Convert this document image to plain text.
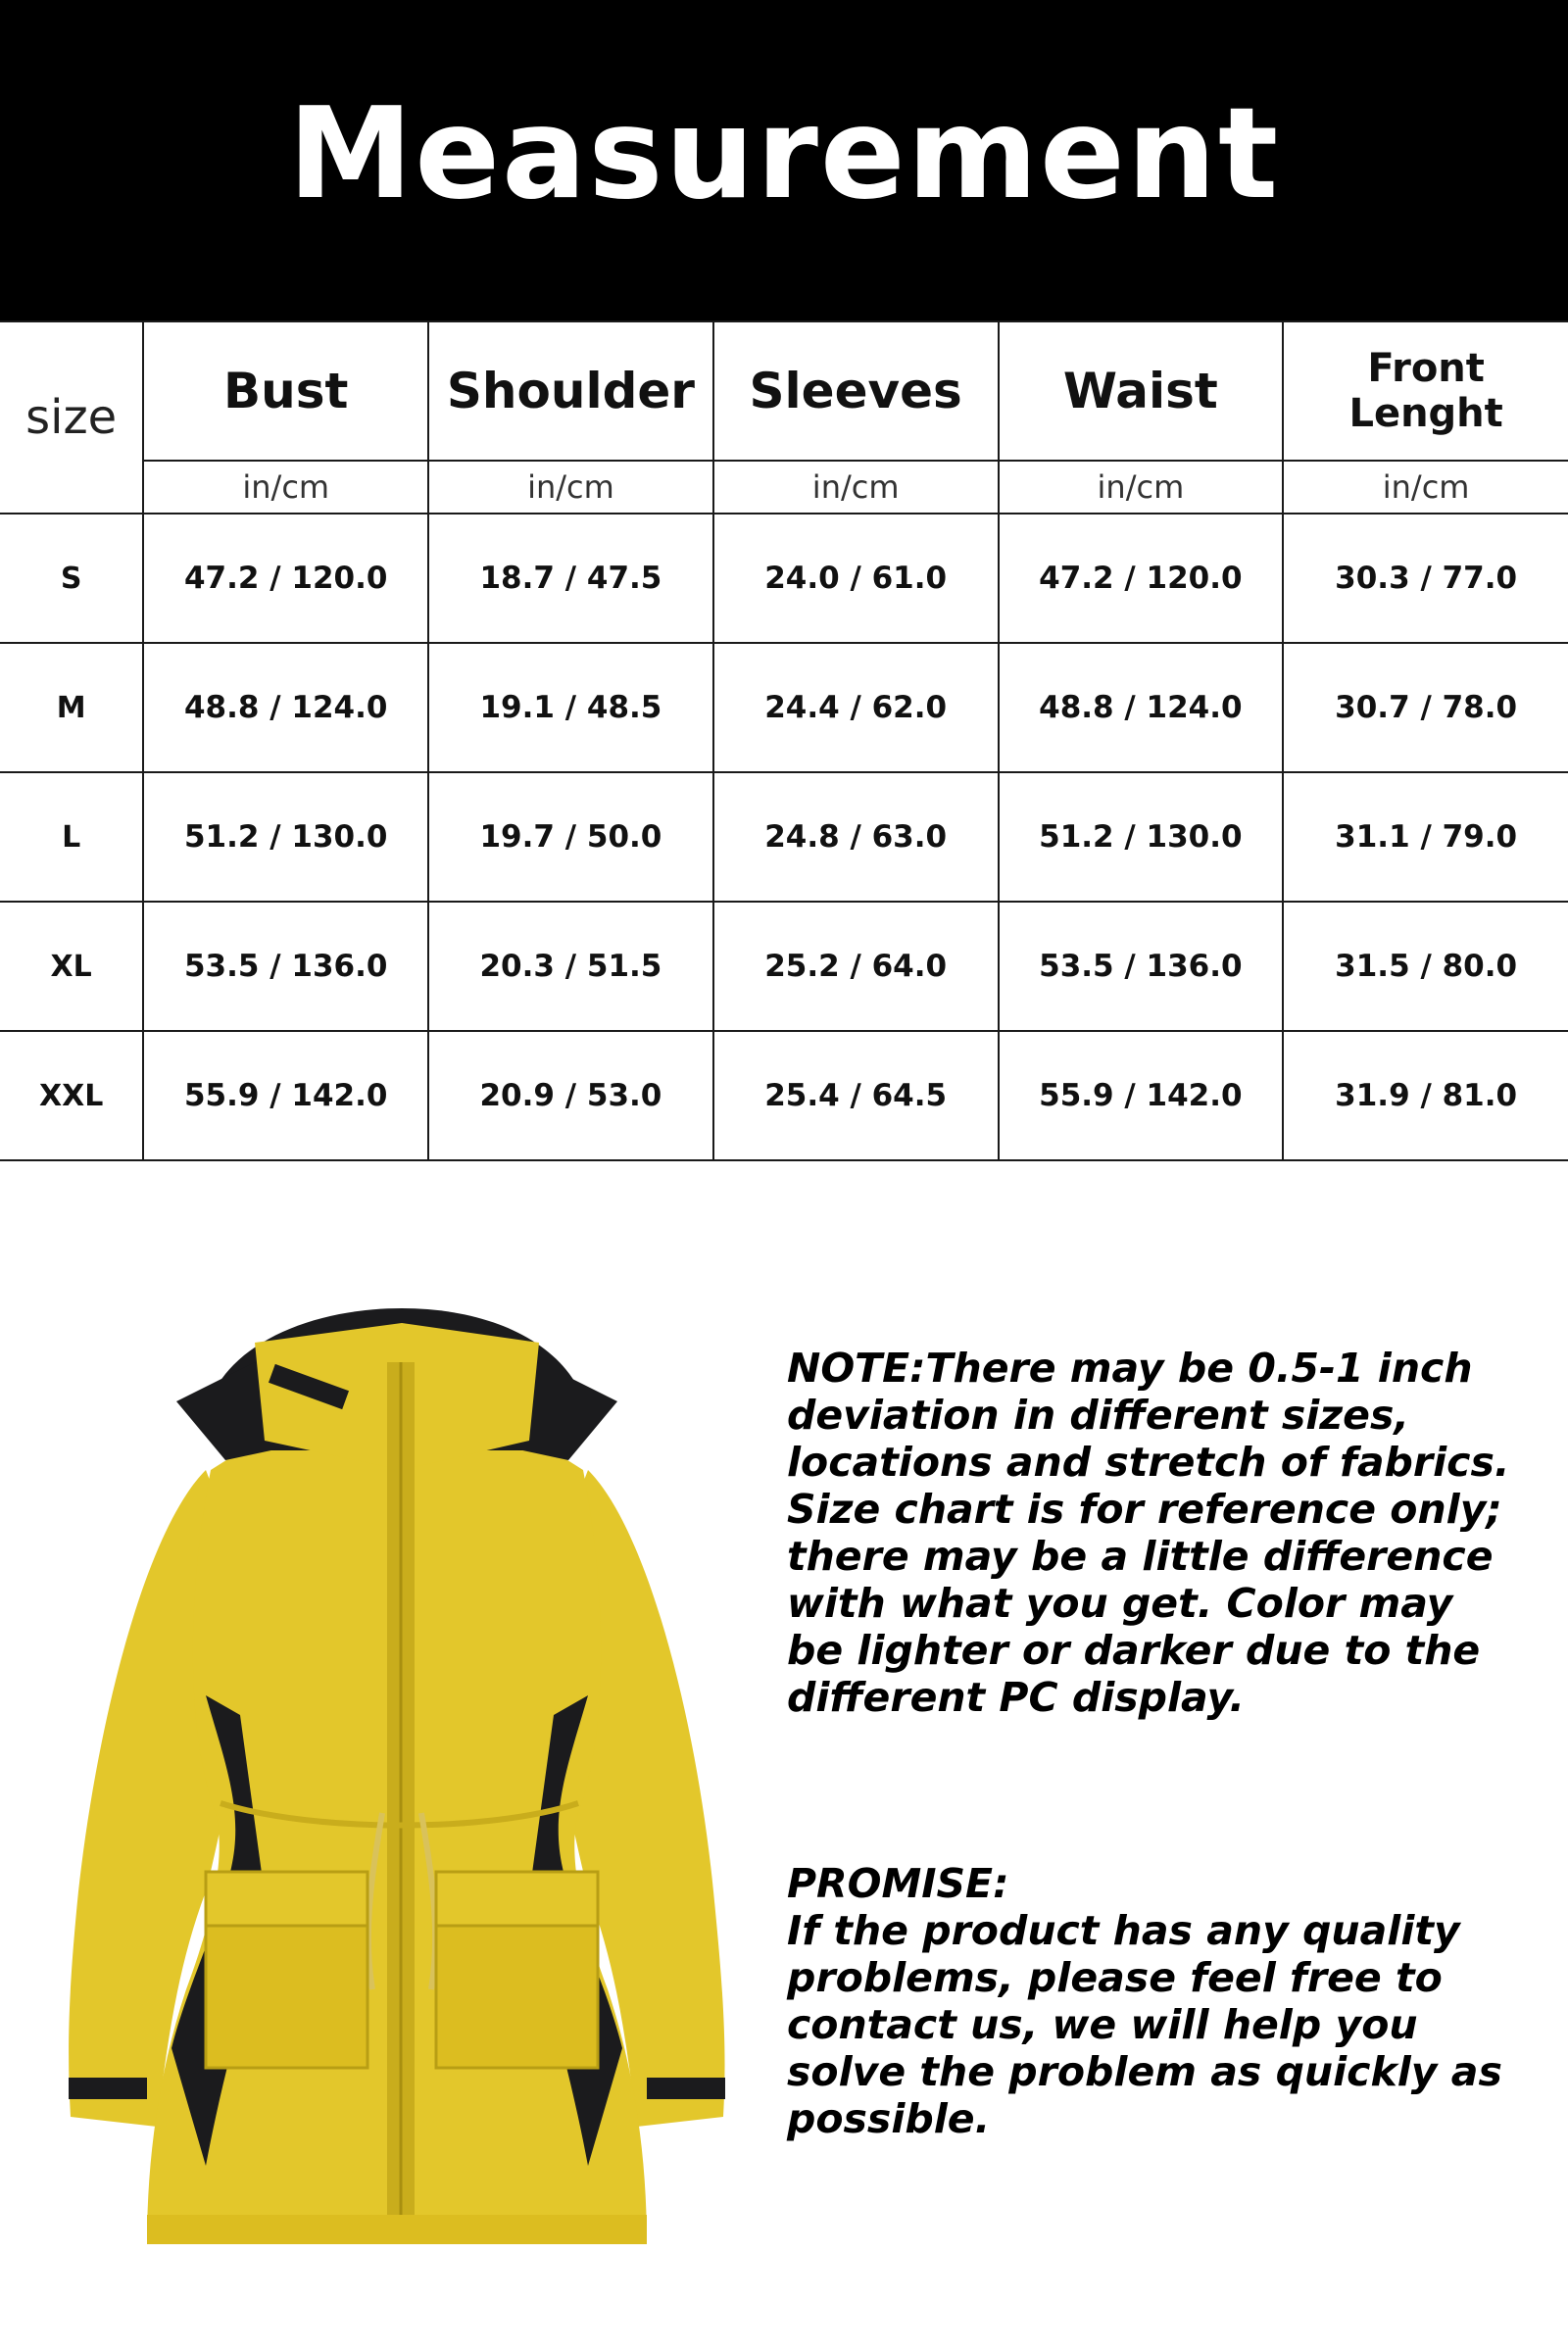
Measurement
size	Bust	Shoulder	Sleeves	Waist	Front Lenght
	in/cm	in/cm	in/cm	in/cm	in/cm
S	47.2 / 120.0	18.7 / 47.5	24.0 / 61.0	47.2 / 120.0	30.3 / 77.0
M	48.8 / 124.0	19.1 / 48.5	24.4 / 62.0	48.8 / 124.0	30.7 / 78.0
L	51.2 / 130.0	19.7 / 50.0	24.8 / 63.0	51.2 / 130.0	31.1 / 79.0
XL	53.5 / 136.0	20.3 / 51.5	25.2 / 64.0	53.5 / 136.0	31.5 / 80.0
XXL	55.9 / 142.0	20.9 / 53.0	25.4 / 64.5	55.9 / 142.0	31.9 / 81.0
NOTE:There may be 0.5-1 inch deviation in different sizes, locations and stretch of fabrics. Size chart is for reference only; there may be a little difference with what you get. Color may be lighter or darker due to the different PC display.
PROMISE:
If the product has any quality problems, please feel free to contact us, we will help you solve the problem as quickly as possible.
